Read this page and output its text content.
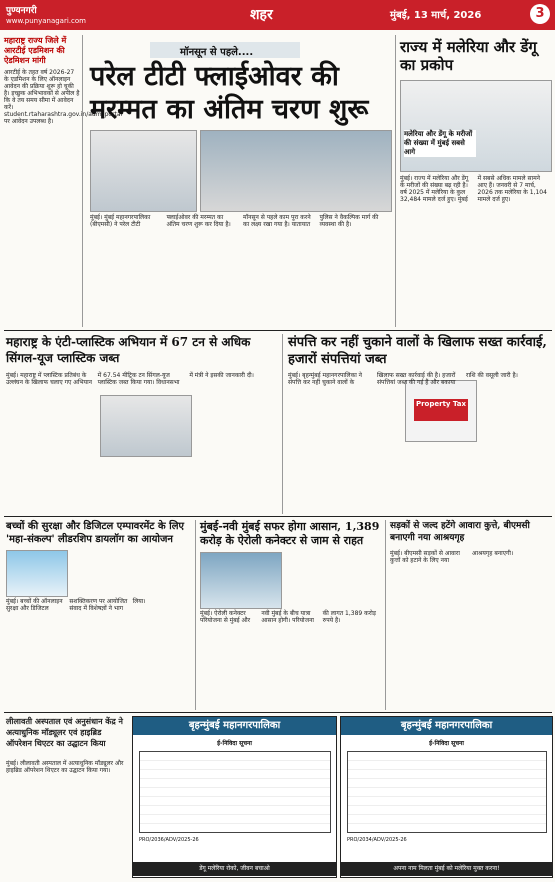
पुण्यनगरी
www.punyanagari.com	शहर	मुंबई, 13 मार्च, 2026	3
महाराष्ट्र राज्य जिले में आरटीई एडमिशन की ऐडमिशन मांगी
आरटीई के तहत वर्ष 2026-27 के एडमिशन के लिए ऑनलाइन आवेदन की प्रक्रिया शुरू हो चुकी है। इच्छुक अभिभावकों से अपील है कि वे तय समय सीमा में आवेदन करें। student.rtaharashtra.gov.in/adm_portal पर आवेदन उपलब्ध है।
मॉनसून से पहले....
परेल टीटी फ्लाईओवर की मरम्मत का अंतिम चरण शुरू
मुंबई। मुंबई महानगरपालिका (बीएमसी) ने परेल टीटी फ्लाईओवर की मरम्मत का अंतिम चरण शुरू कर दिया है। मॉनसून से पहले काम पूरा करने का लक्ष्य रखा गया है। यातायात पुलिस ने वैकल्पिक मार्ग की व्यवस्था की है।
राज्य में मलेरिया और डेंगू का प्रकोप
मलेरिया और डेंगू के मरीजों की संख्या में मुंबई सबसे आगे
मुंबई। राज्य में मलेरिया और डेंगू के मरीजों की संख्या बढ़ रही है। वर्ष 2025 में मलेरिया के कुल 32,484 मामले दर्ज हुए। मुंबई में सबसे अधिक मामले सामने आए हैं। जनवरी से 7 मार्च, 2026 तक मलेरिया के 1,104 मामले दर्ज हुए।
महाराष्ट्र के एंटी-प्लास्टिक अभियान में 67 टन से अधिक सिंगल-यूज प्लास्टिक जब्त
मुंबई। महाराष्ट्र में प्लास्टिक प्रतिबंध के उल्लंघन के खिलाफ चलाए गए अभियान में 67.54 मीट्रिक टन सिंगल-यूज प्लास्टिक जब्त किया गया। विधानसभा में मंत्री ने इसकी जानकारी दी।
संपत्ति कर नहीं चुकाने वालों के खिलाफ सख्त कार्रवाई, हजारों संपत्तियां जब्त
Property Tax
मुंबई। बृहन्मुंबई महानगरपालिका ने संपत्ति कर नहीं चुकाने वालों के खिलाफ सख्त कार्रवाई की है। हजारों संपत्तियां जब्त की गई हैं और बकाया राशि की वसूली जारी है।
बच्चों की सुरक्षा और डिजिटल एम्पावरमेंट के लिए 'महा-संकल्प' लीडरशिप डायलॉग का आयोजन
मुंबई। बच्चों की ऑनलाइन सुरक्षा और डिजिटल सशक्तिकरण पर आयोजित संवाद में विशेषज्ञों ने भाग लिया।
मुंबई-नवी मुंबई सफर होगा आसान, 1,389 करोड़ के ऐरोली कनेक्टर से जाम से राहत
मुंबई। ऐरोली कनेक्टर परियोजना से मुंबई और नवी मुंबई के बीच यात्रा आसान होगी। परियोजना की लागत 1,389 करोड़ रुपये है।
सड़कों से जल्द हटेंगे आवारा कुत्ते, बीएमसी बनाएगी नया आश्रयगृह
मुंबई। बीएमसी सड़कों से आवारा कुत्तों को हटाने के लिए नया आश्रयगृह बनाएगी।
लीलावती अस्पताल एवं अनुसंधान केंद्र ने अत्याधुनिक मॉड्यूलर एवं हाइब्रिड ऑपरेशन थिएटर का उद्घाटन किया
मुंबई। लीलावती अस्पताल में अत्याधुनिक मॉड्यूलर और हाइब्रिड ऑपरेशन थिएटर का उद्घाटन किया गया।
बृहन्मुंबई महानगरपालिका
ई-निविदा सूचना
PRO/2036/ADV/2025-26
डेंगू मलेरिया रोको, जीवन बचाओ
बृहन्मुंबई महानगरपालिका
ई-निविदा सूचना
PRO/2034/ADV/2025-26
अपना नाम मिलता मुंबई को मलेरिया मुक्त करना!
